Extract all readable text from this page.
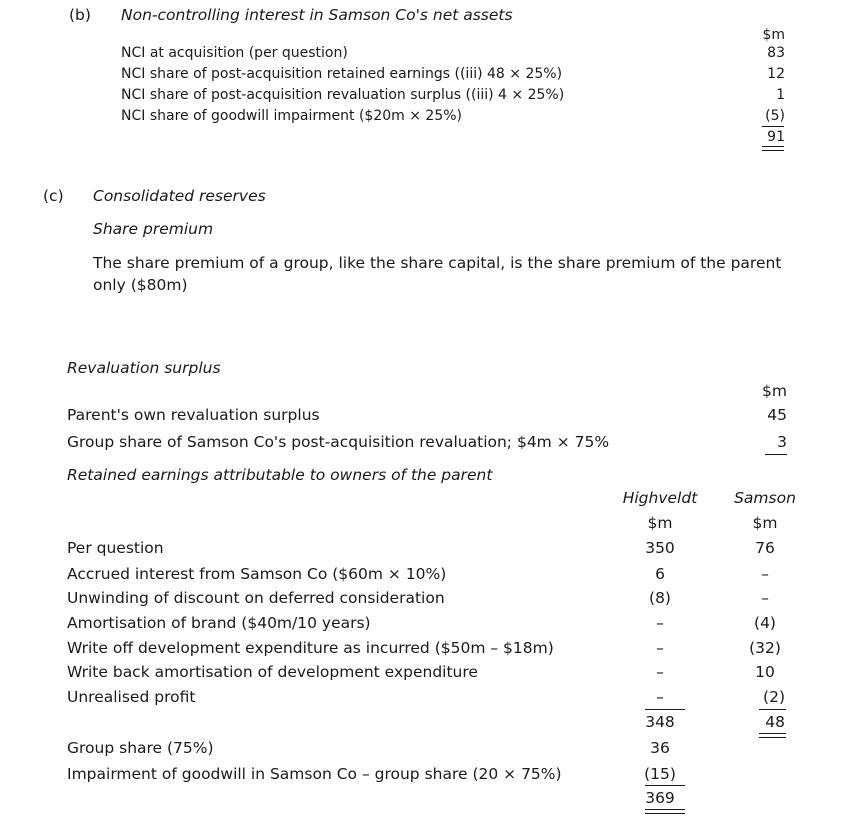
(b) Non-controlling interest in Samson Co's net assets
$m
NCI at acquisition (per question)	83
NCI share of post-acquisition retained earnings ((iii) 48 × 25%)	12
NCI share of post-acquisition revaluation surplus ((iii) 4 × 25%)	1
NCI share of goodwill impairment ($20m × 25%)	(5)
91
(c) Consolidated reserves
Share premium
The share premium of a group, like the share capital, is the share premium of the parent
only ($80m)
Revaluation surplus
$m
Parent's own revaluation surplus	45
Group share of Samson Co's post-acquisition revaluation; $4m × 75%	3
Retained earnings attributable to owners of the parent
Highveldt	Samson
$m	$m
Per question	350	76
Accrued interest from Samson Co ($60m × 10%)	6	–
Unwinding of discount on deferred consideration	(8)	–
Amortisation of brand ($40m/10 years)	–	(4)
Write off development expenditure as incurred ($50m – $18m)	–	(32)
Write back amortisation of development expenditure	–	10
Unrealised profit	–	(2)
348	48
Group share (75%)	36
Impairment of goodwill in Samson Co – group share (20 × 75%)	(15)
369
